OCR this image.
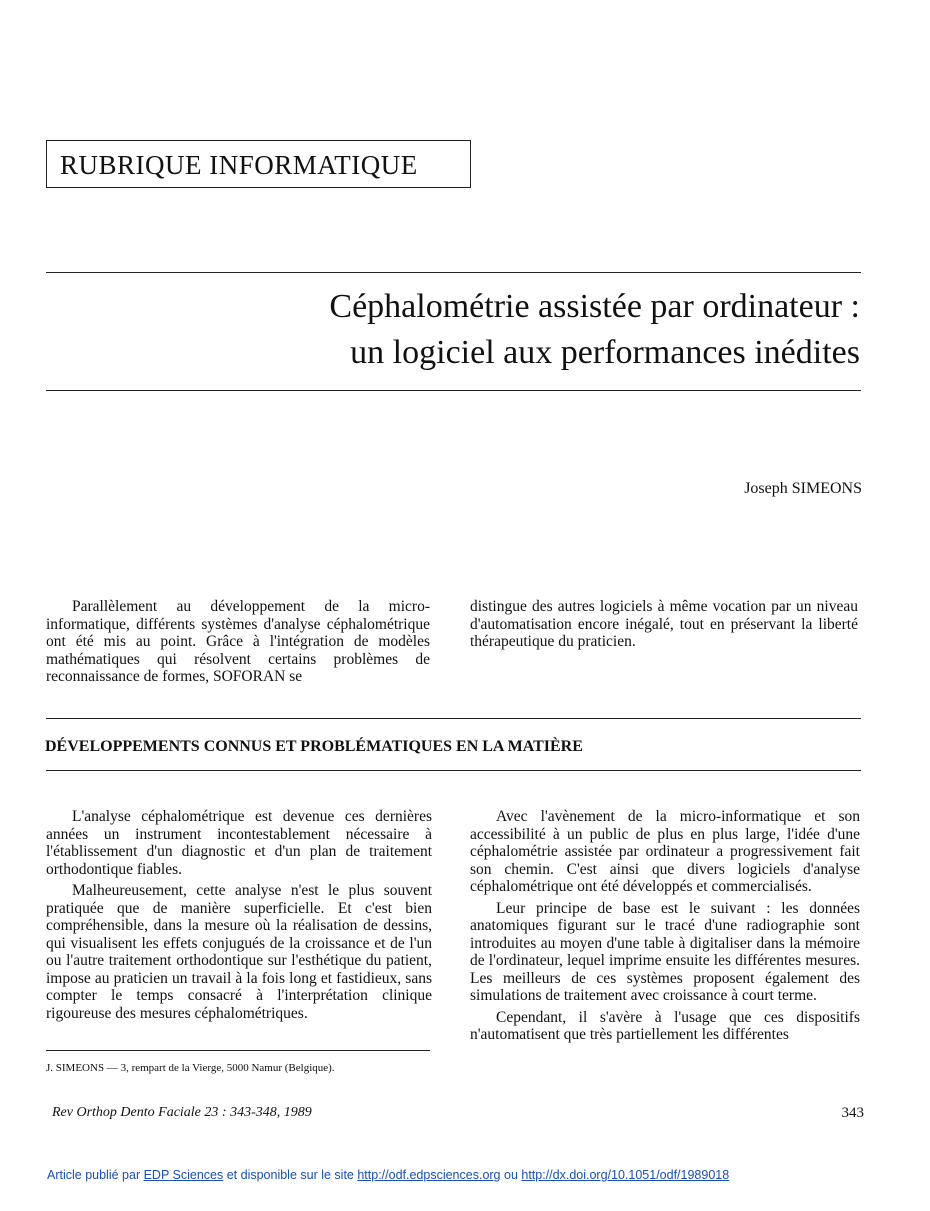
RUBRIQUE INFORMATIQUE
Céphalométrie assistée par ordinateur :
un logiciel aux performances inédites
Joseph SIMEONS

Parallèlement au développement de la micro-informatique, différents systèmes d'analyse céphalométrique ont été mis au point. Grâce à l'intégration de modèles mathématiques qui résolvent certains problèmes de reconnaissance de formes, SOFORAN se

distingue des autres logiciels à même vocation par un niveau d'automatisation encore inégalé, tout en préservant la liberté thérapeutique du praticien.

DÉVELOPPEMENTS CONNUS ET PROBLÉMATIQUES EN LA MATIÈRE

L'analyse céphalométrique est devenue ces dernières années un instrument incontestablement nécessaire à l'établissement d'un diagnostic et d'un plan de traitement orthodontique fiables.

Malheureusement, cette analyse n'est le plus souvent pratiquée que de manière superficielle. Et c'est bien compréhensible, dans la mesure où la réalisation de dessins, qui visualisent les effets conjugués de la croissance et de l'un ou l'autre traitement orthodontique sur l'esthétique du patient, impose au praticien un travail à la fois long et fastidieux, sans compter le temps consacré à l'interprétation clinique rigoureuse des mesures céphalométriques.

J. SIMEONS — 3, rempart de la Vierge, 5000 Namur (Belgique).

Avec l'avènement de la micro-informatique et son accessibilité à un public de plus en plus large, l'idée d'une céphalométrie assistée par ordinateur a progressivement fait son chemin. C'est ainsi que divers logiciels d'analyse céphalométrique ont été développés et commercialisés.

Leur principe de base est le suivant : les données anatomiques figurant sur le tracé d'une radiographie sont introduites au moyen d'une table à digitaliser dans la mémoire de l'ordinateur, lequel imprime ensuite les différentes mesures. Les meilleurs de ces systèmes proposent également des simulations de traitement avec croissance à court terme.

Cependant, il s'avère à l'usage que ces dispositifs n'automatisent que très partiellement les différentes

Rev Orthop Dento Faciale 23 : 343-348, 1989	343
Article publié par EDP Sciences et disponible sur le site http://odf.edpsciences.org ou http://dx.doi.org/10.1051/odf/1989018
